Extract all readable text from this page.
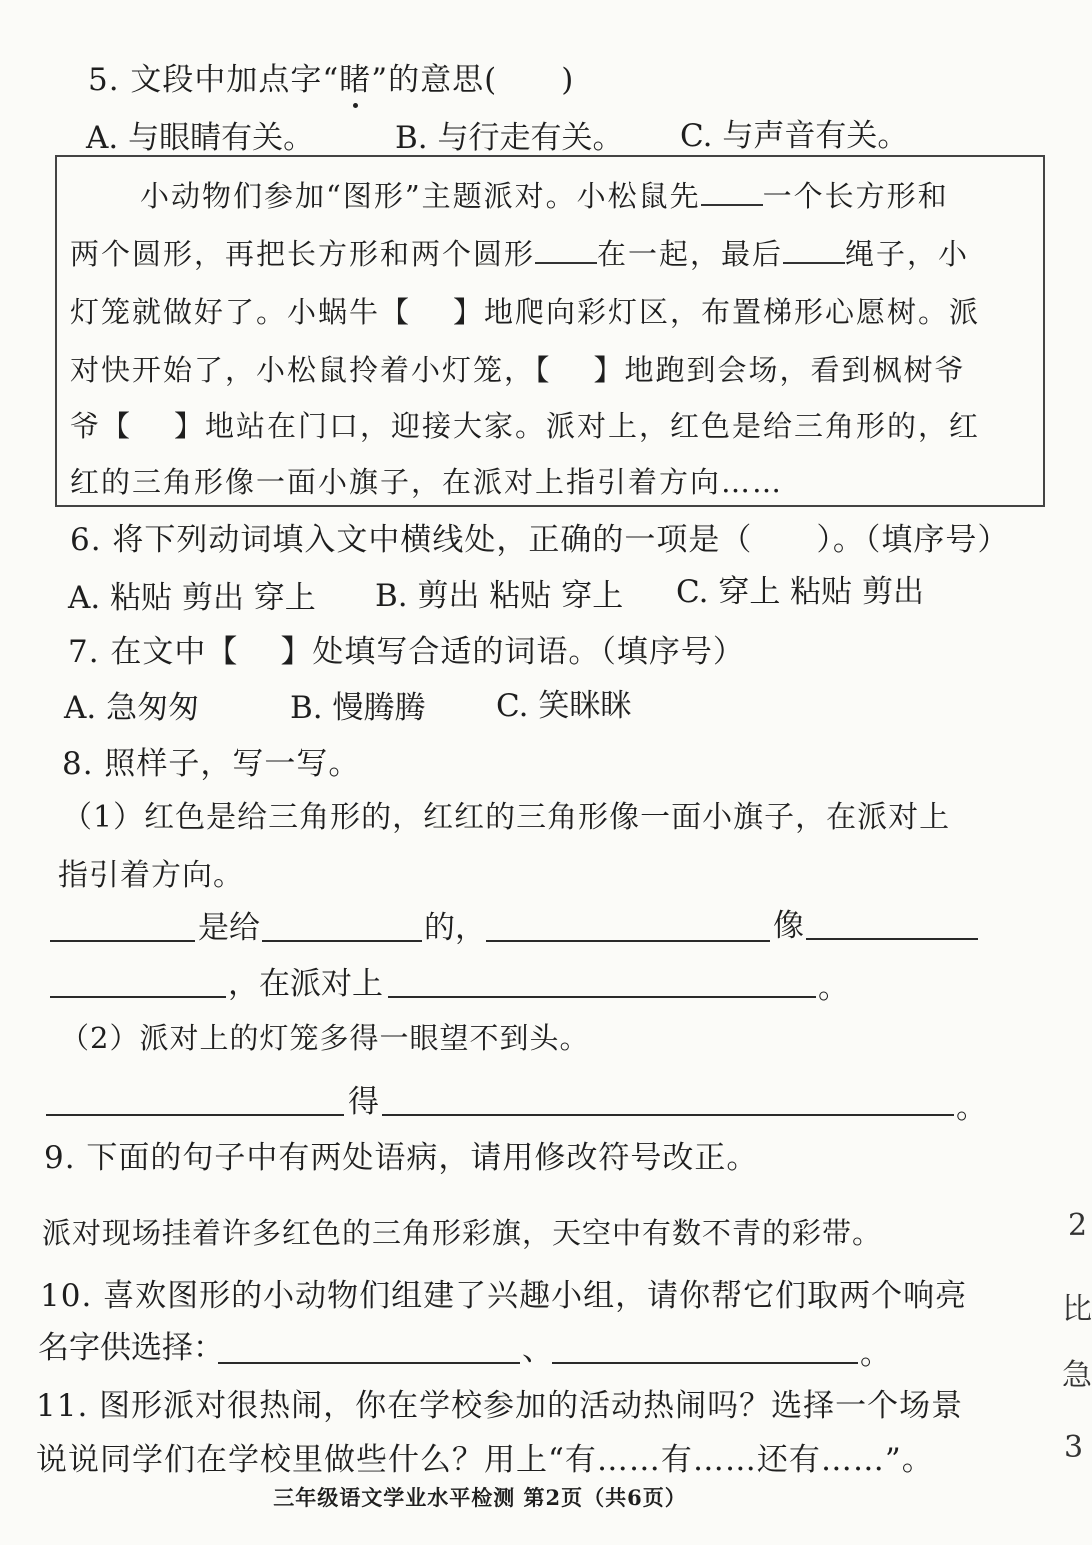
5. 文段中加点字“睹”的意思(　　)
A. 与眼睛有关。	B. 与行走有关。 C. 与声音有关。
小动物们参加“图形”主题派对。小松鼠先 一个长方形和
两个圆形，再把长方形和两个圆形 在一起，最后 绳子，小
灯笼就做好了。小蜗牛【 】地爬向彩灯区，布置梯形心愿树。派
对快开始了，小松鼠拎着小灯笼，【 】地跑到会场，看到枫树爷
爷【 】地站在门口，迎接大家。派对上，红色是给三角形的，红
红的三角形像一面小旗子，在派对上指引着方向……
6. 将下列动词填入文中横线处，正确的一项是（　　）。（填序号）
A. 粘贴 剪出 穿上 B. 剪出 粘贴 穿上 C. 穿上 粘贴 剪出
7. 在文中【 】处填写合适的词语。（填序号）
A. 急匆匆	B. 慢腾腾 C. 笑眯眯
8. 照样子，写一写。
（1）红色是给三角形的，红红的三角形像一面小旗子，在派对上
指引着方向。
是给	的，	像
，在派对上	。
（2）派对上的灯笼多得一眼望不到头。
得	。
9. 下面的句子中有两处语病，请用修改符号改正。
派对现场挂着许多红色的三角形彩旗，天空中有数不青的彩带。
10. 喜欢图形的小动物们组建了兴趣小组，请你帮它们取两个响亮
名字供选择：	、	。
11. 图形派对很热闹，你在学校参加的活动热闹吗？选择一个场景
说说同学们在学校里做些什么？用上“有……有……还有……”。
三年级语文学业水平检测 第2页（共6页）
2
比
急
3
